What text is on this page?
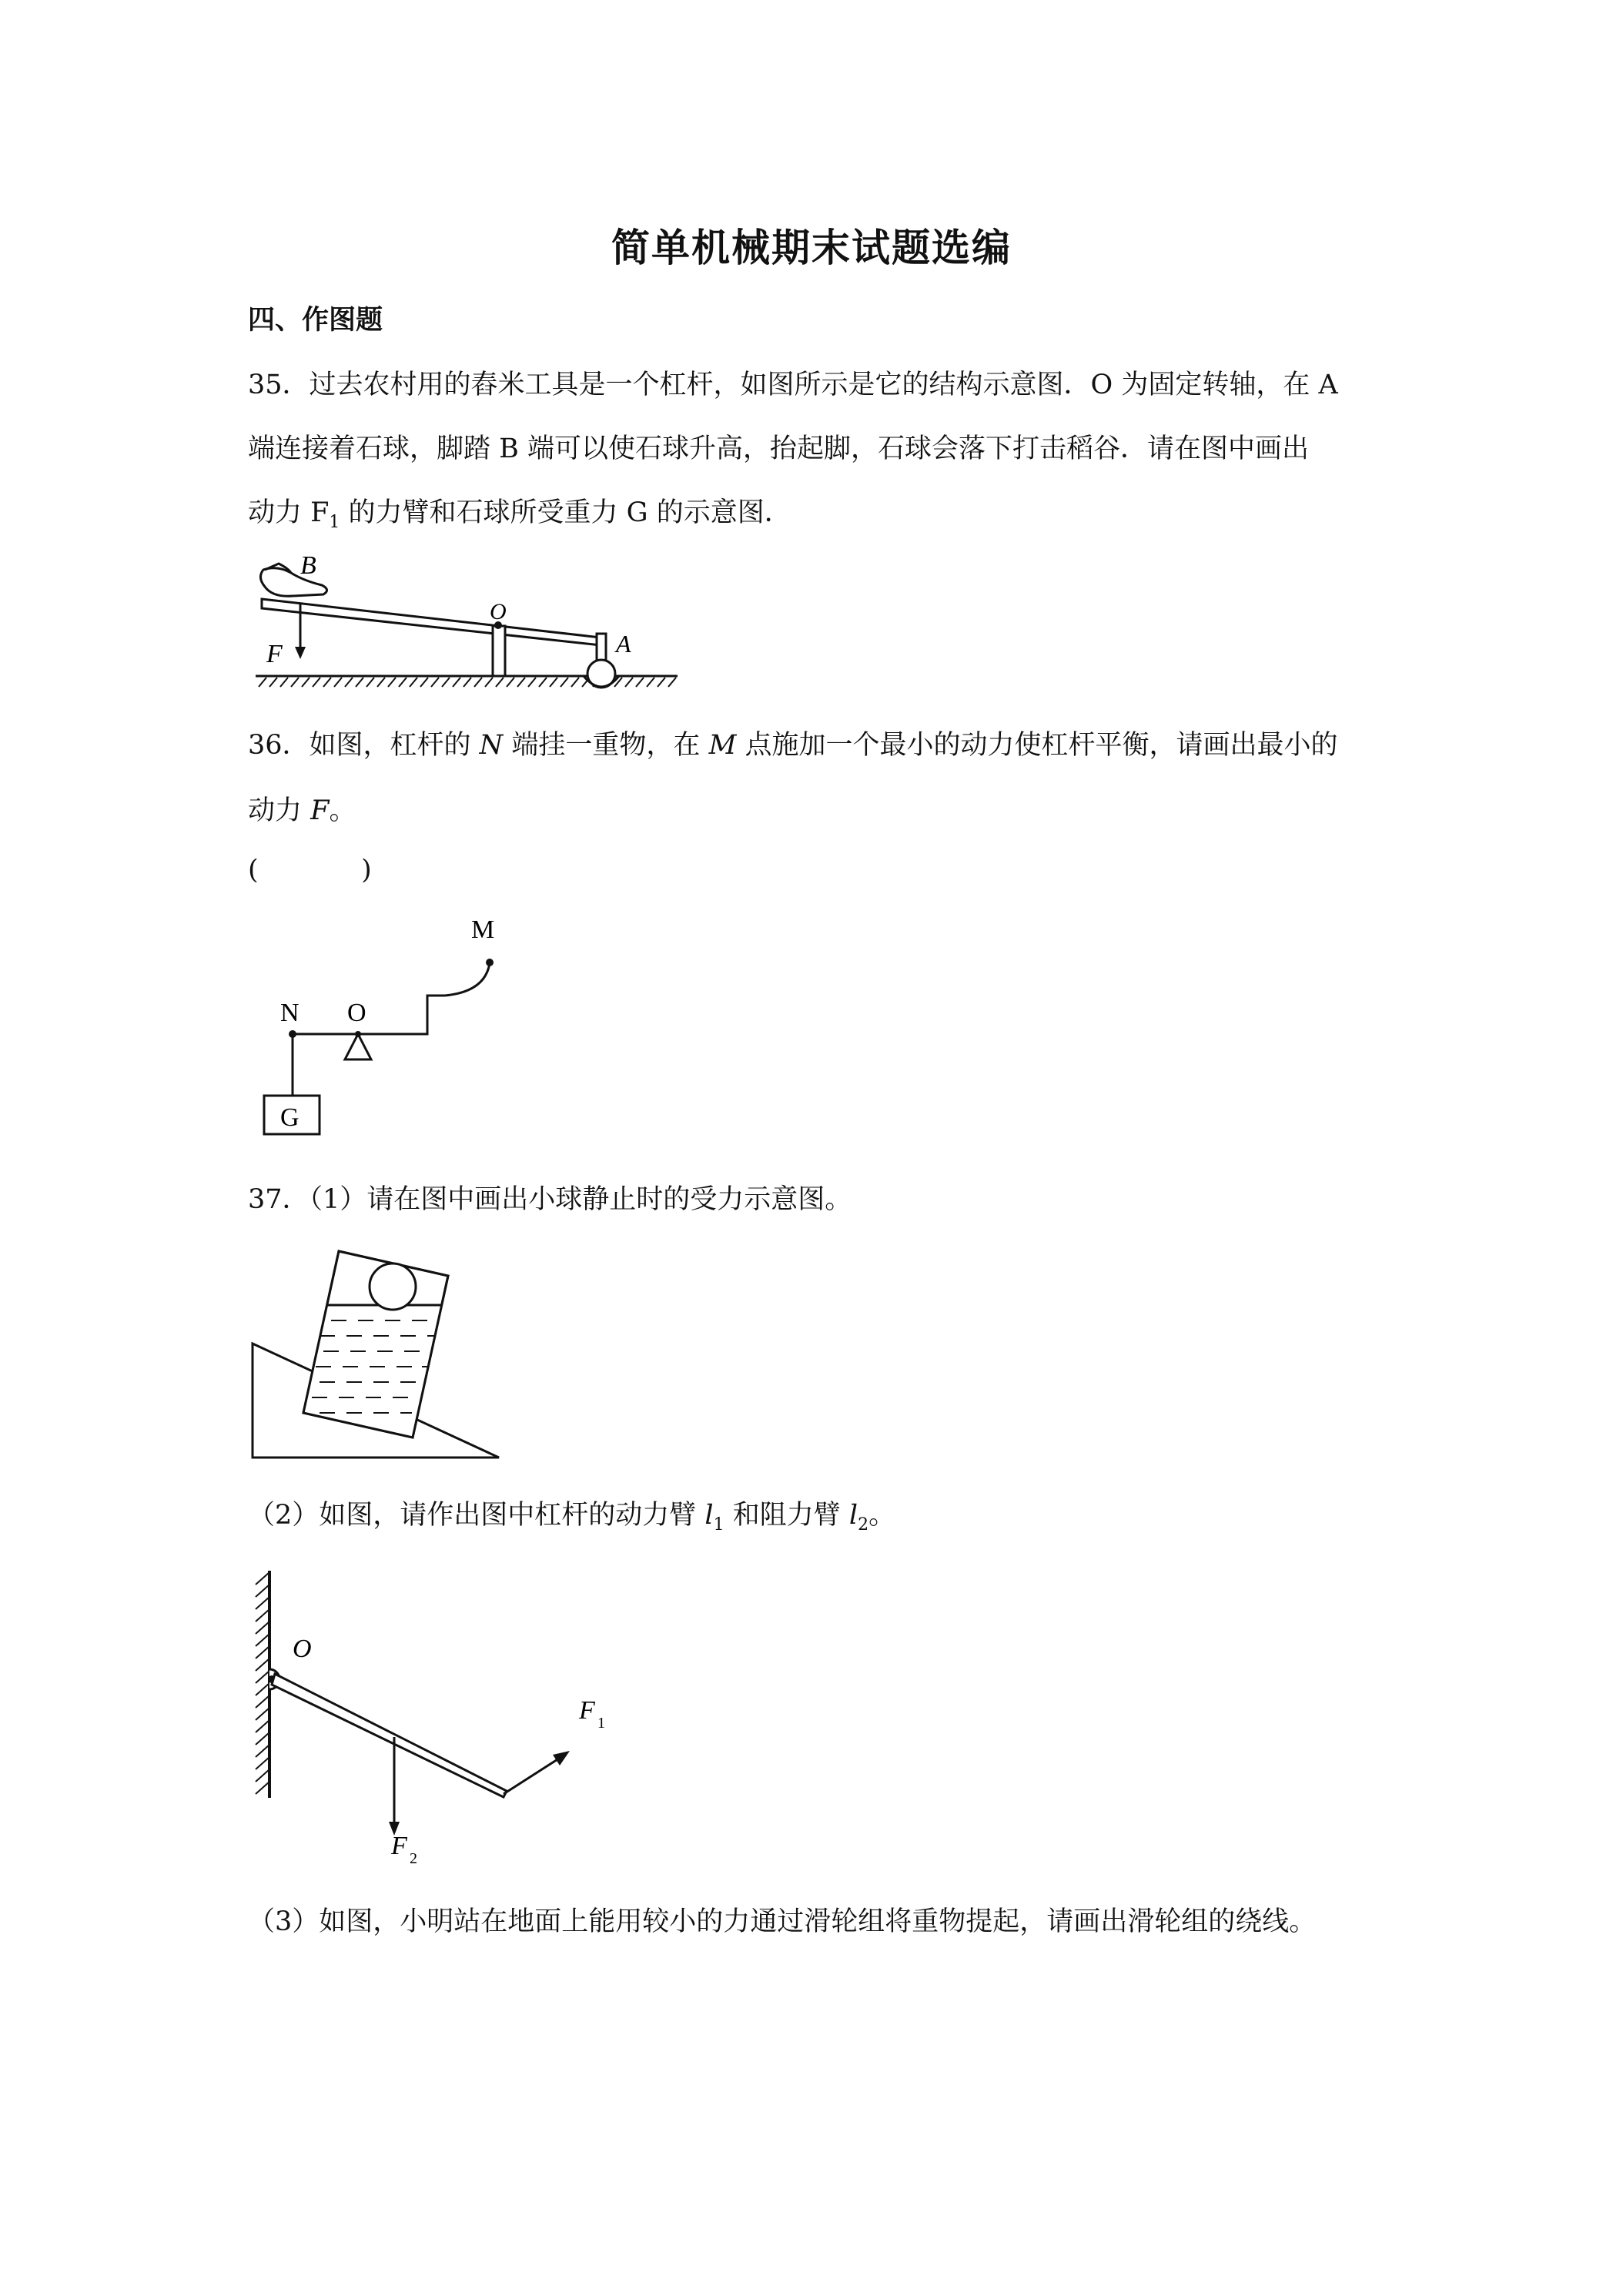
简单机械期末试题选编
四、作图题
35．过去农村用的舂米工具是一个杠杆，如图所示是它的结构示意图．O 为固定转轴，在 A
端连接着石球，脚踏 B 端可以使石球升高，抬起脚，石球会落下打击稻谷．请在图中画出
动力 $F_1$ 的力臂和石球所受重力 G 的示意图．
B
O
F	A
36．如图，杠杆的 N 端挂一重物，在 M 点施加一个最小的动力使杠杆平衡，请画出最小的
动力 F。
(            )
M
N O
G
37．（1）请在图中画出小球静止时的受力示意图。
（2）如图，请作出图中杠杆的动力臂 $l_1$ 和阻力臂 $l_2$。
O
F 1
F 2
（3）如图，小明站在地面上能用较小的力通过滑轮组将重物提起，请画出滑轮组的绕线。
